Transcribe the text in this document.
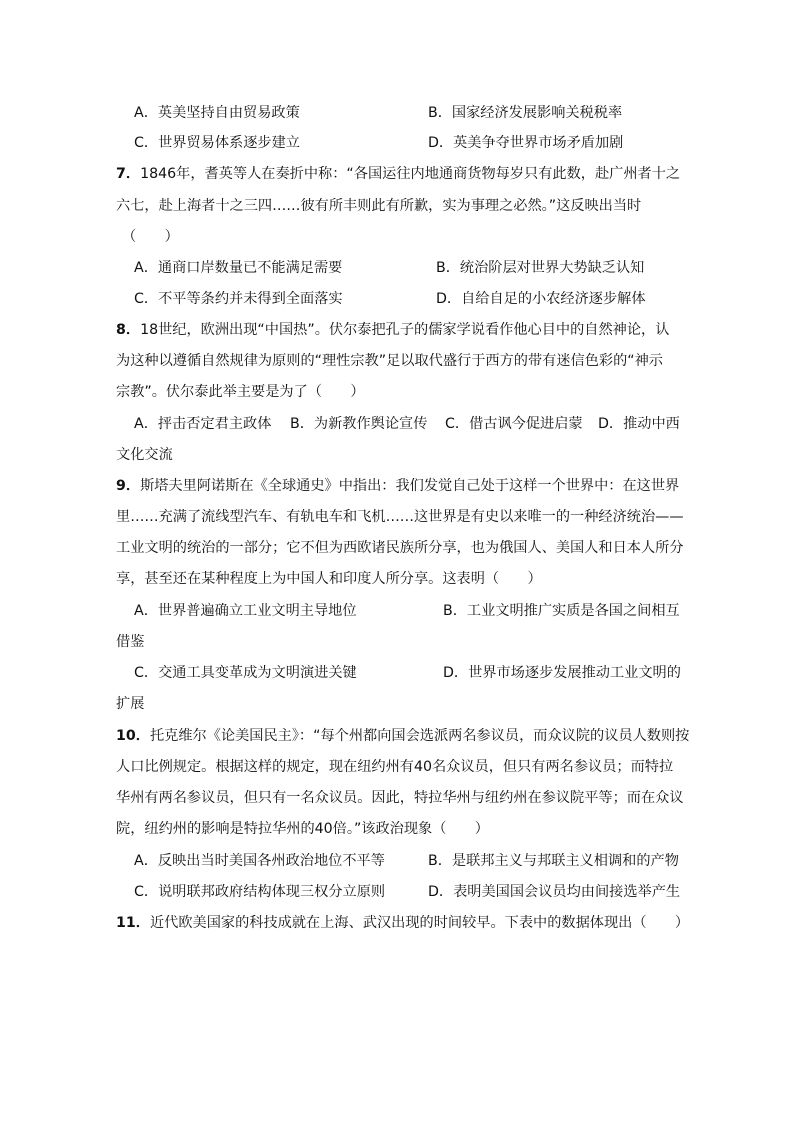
A．英美坚持自由贸易政策	B．国家经济发展影响关税税率
C．世界贸易体系逐步建立	D．英美争夺世界市场矛盾加剧
7．1846年，耆英等人在奏折中称：“各国运往内地通商货物每岁只有此数，赴广州者十之
六七，赴上海者十之三四……彼有所丰则此有所歉，实为事理之必然。”这反映出当时
（　　）
A．通商口岸数量已不能满足需要	B．统治阶层对世界大势缺乏认知
C．不平等条约并未得到全面落实	D．自给自足的小农经济逐步解体
8．18世纪，欧洲出现“中国热”。伏尔泰把孔子的儒家学说看作他心目中的自然神论，认
为这种以遵循自然规律为原则的“理性宗教”足以取代盛行于西方的带有迷信色彩的“神示
宗教”。伏尔泰此举主要是为了（　　）
A．抨击否定君主政体 B．为新教作舆论宣传 C．借古讽今促进启蒙 D．推动中西
文化交流
9．斯塔夫里阿诺斯在《全球通史》中指出：我们发觉自己处于这样一个世界中：在这世界
里……充满了流线型汽车、有轨电车和飞机……这世界是有史以来唯一的一种经济统治——
工业文明的统治的一部分；它不但为西欧诸民族所分享，也为俄国人、美国人和日本人所分
享，甚至还在某种程度上为中国人和印度人所分享。这表明（　　）
A．世界普遍确立工业文明主导地位	B．工业文明推广实质是各国之间相互
借鉴
C．交通工具变革成为文明演进关键	D．世界市场逐步发展推动工业文明的
扩展
10．托克维尔《论美国民主》：“每个州都向国会选派两名参议员，而众议院的议员人数则按
人口比例规定。根据这样的规定，现在纽约州有40名众议员，但只有两名参议员；而特拉
华州有两名参议员，但只有一名众议员。因此，特拉华州与纽约州在参议院平等；而在众议
院，纽约州的影响是特拉华州的40倍。”该政治现象（　　）
A．反映出当时美国各州政治地位不平等	B．是联邦主义与邦联主义相调和的产物
C．说明联邦政府结构体现三权分立原则	D．表明美国国会议员均由间接选举产生
11．近代欧美国家的科技成就在上海、武汉出现的时间较早。下表中的数据体现出（　　）
